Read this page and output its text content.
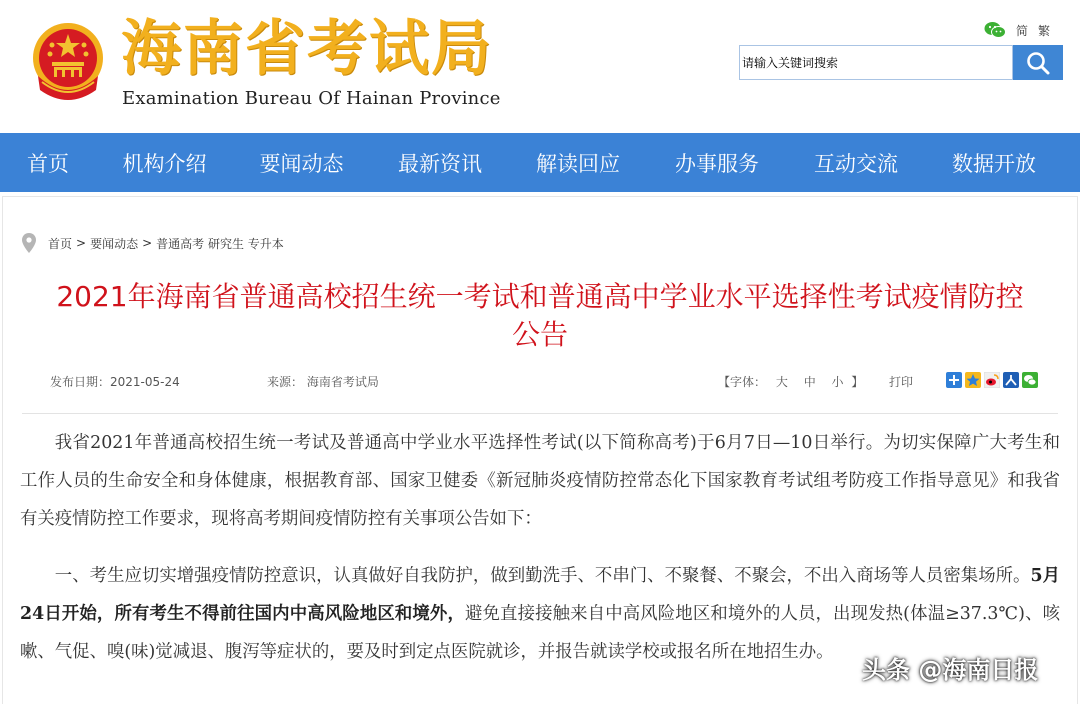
海南省考试局
Examination Bureau Of Hainan Province
简 繁
请输入关键词搜索
首页	机构介绍	要闻动态	最新资讯	解读回应	办事服务	互动交流	数据开放
首页 > 要闻动态 > 普通高考 研究生 专升本
2021年海南省普通高校招生统一考试和普通高中学业水平选择性考试疫情防控
公告
发布日期：2021-05-24	来源： 海南省考试局	【字体： 大 中 小 】 打印
我省2021年普通高校招生统一考试及普通高中学业水平选择性考试(以下简称高考)于6月7日—10日举行。为切实保障广大考生和工作人员的生命安全和身体健康，根据教育部、国家卫健委《新冠肺炎疫情防控常态化下国家教育考试组考防疫工作指导意见》和我省有关疫情防控工作要求，现将高考期间疫情防控有关事项公告如下：
一、考生应切实增强疫情防控意识，认真做好自我防护，做到勤洗手、不串门、不聚餐、不聚会，不出入商场等人员密集场所。5月24日开始，所有考生不得前往国内中高风险地区和境外，避免直接接触来自中高风险地区和境外的人员，出现发热(体温≥37.3℃)、咳嗽、气促、嗅(味)觉减退、腹泻等症状的，要及时到定点医院就诊，并报告就读学校或报名所在地招生办。
头条 @海南日报
